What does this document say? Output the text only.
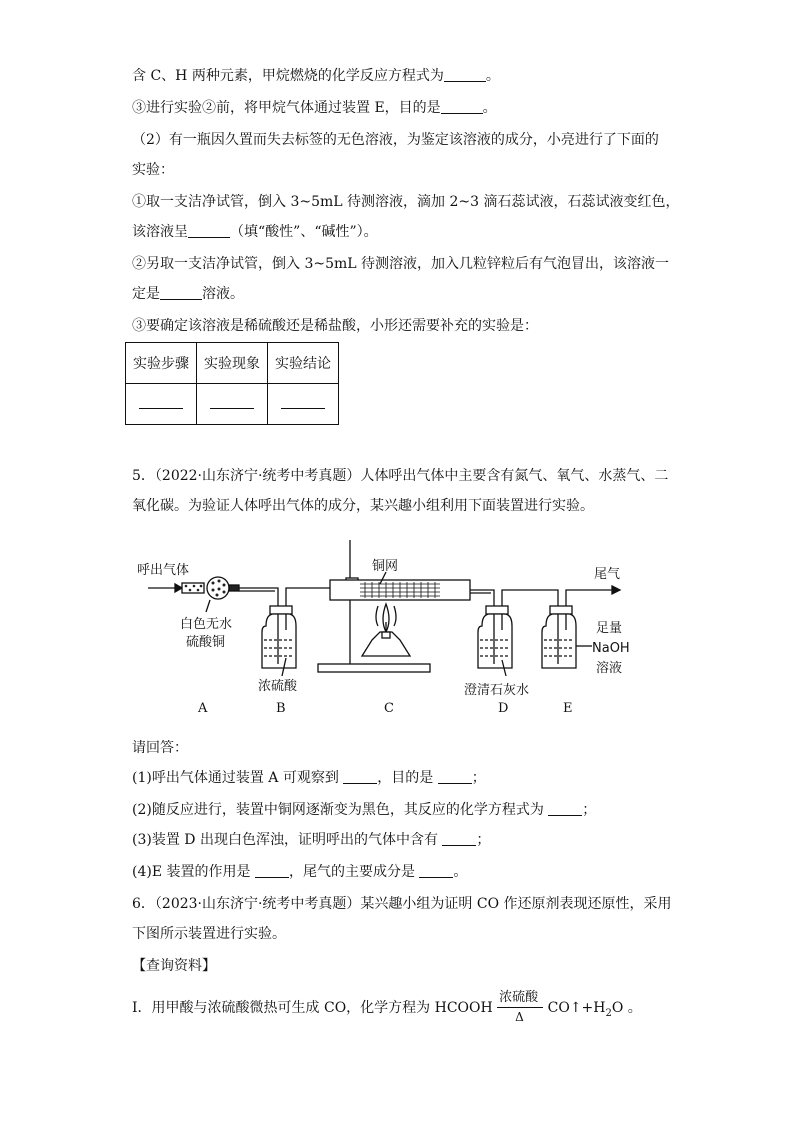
含 C、H 两种元素，甲烷燃烧的化学反应方程式为	。
③进行实验②前，将甲烷气体通过装置 E，目的是	。
（2）有一瓶因久置而失去标签的无色溶液，为鉴定该溶液的成分，小亮进行了下面的
实验：
①取一支洁净试管，倒入 3~5mL 待测溶液，滴加 2~3 滴石蕊试液，石蕊试液变红色，
该溶液呈	（填“酸性”、“碱性”）。
②另取一支洁净试管，倒入 3~5mL 待测溶液，加入几粒锌粒后有气泡冒出，该溶液一
定是	溶液。
③要确定该溶液是稀硫酸还是稀盐酸，小形还需要补充的实验是：
实验步骤	实验现象	实验结论

5．（2022·山东济宁·统考中考真题）人体呼出气体中主要含有氮气、氧气、水蒸气、二
氧化碳。为验证人体呼出气体的成分，某兴趣小组利用下面装置进行实验。
呼出气体	铜网
尾气
白色无水
硫酸铜
浓硫酸	澄清石灰水
足量
NaOH
溶液
A	B	C	D	E
请回答：
(1)呼出气体通过装置 A 可观察到 ，目的是 ；
(2)随反应进行，装置中铜网逐渐变为黑色，其反应的化学方程式为 ；
(3)装置 D 出现白色浑浊，证明呼出的气体中含有 ；
(4)E 装置的作用是 ，尾气的主要成分是 。
6．（2023·山东济宁·统考中考真题）某兴趣小组为证明 CO 作还原剂表现还原性，采用
下图所示装置进行实验。
【查询资料】
Ⅰ．用甲酸与浓硫酸微热可生成 CO，化学方程为 HCOOH
浓硫酸
Δ
$CO↑+H_2O$ 。
